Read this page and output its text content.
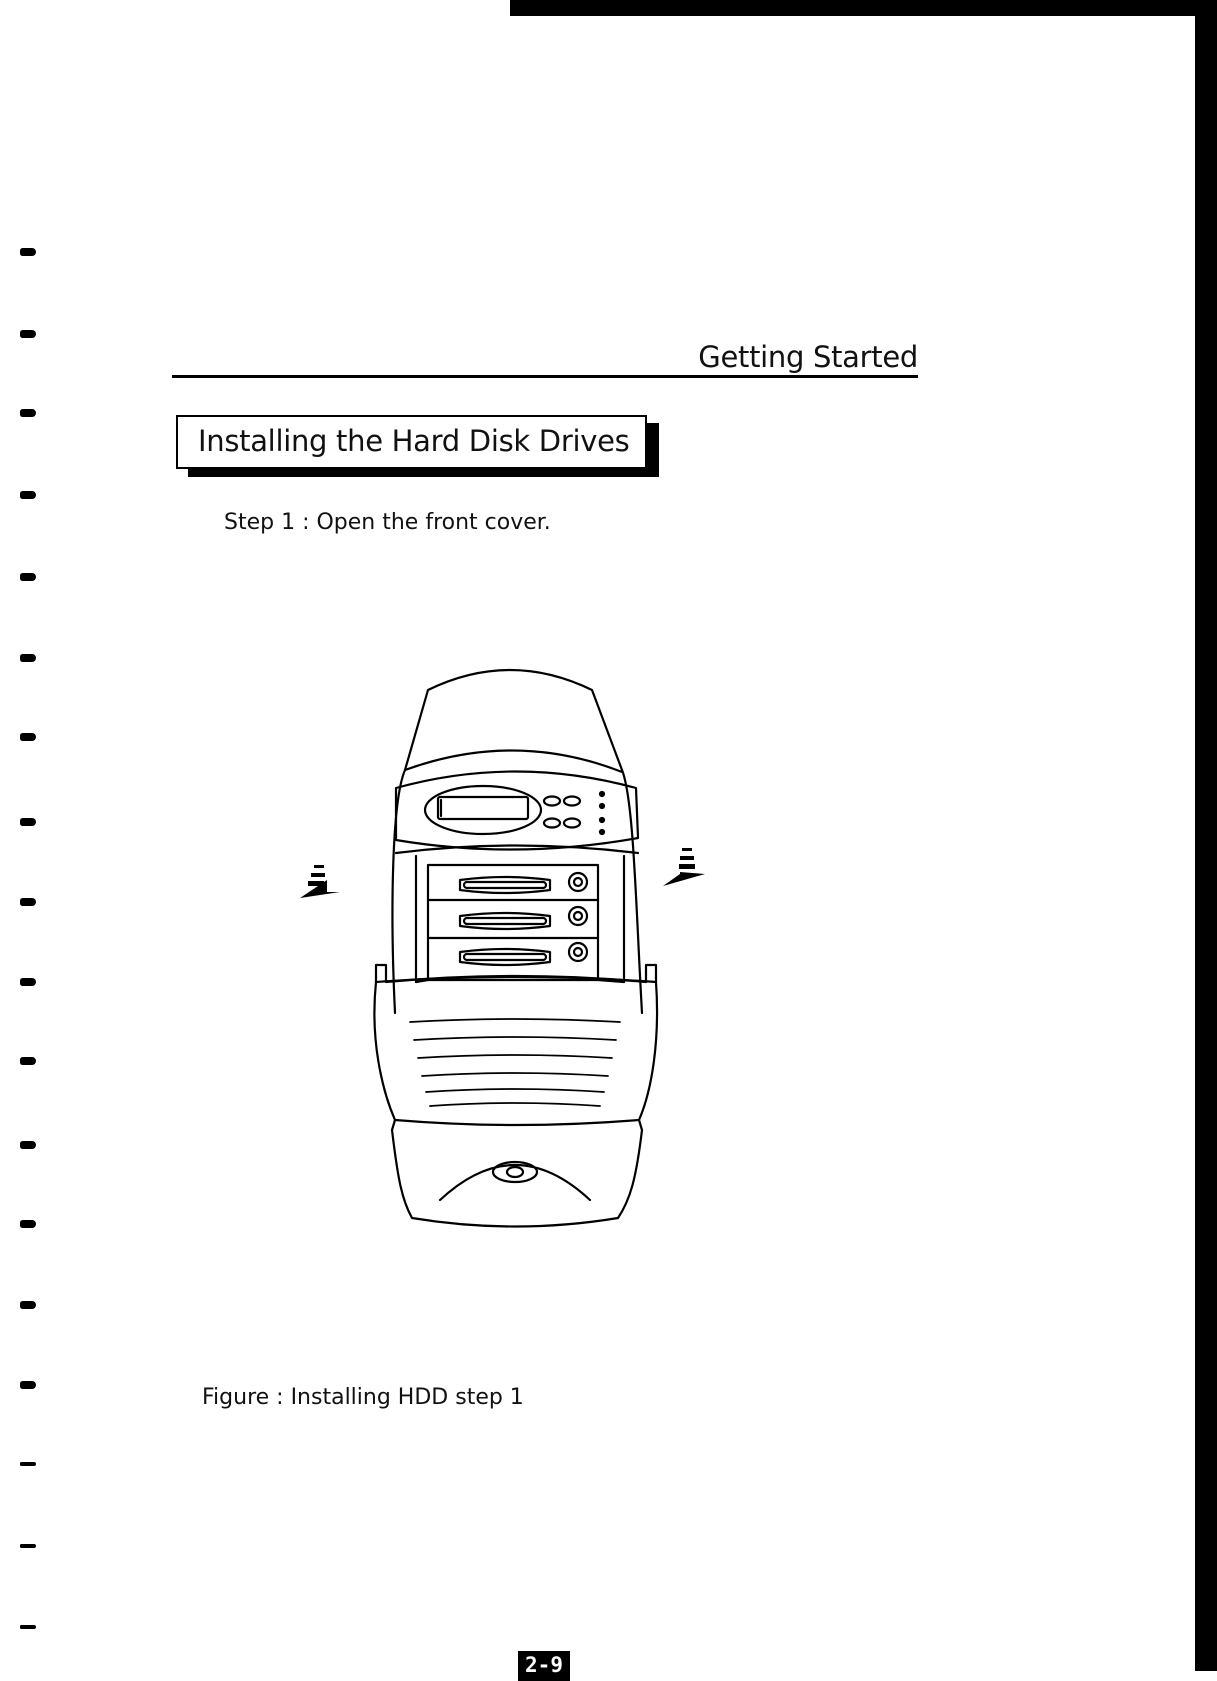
Getting Started
Installing the Hard Disk Drives
Step 1 : Open the front cover.
Figure : Installing HDD step 1
2-9
